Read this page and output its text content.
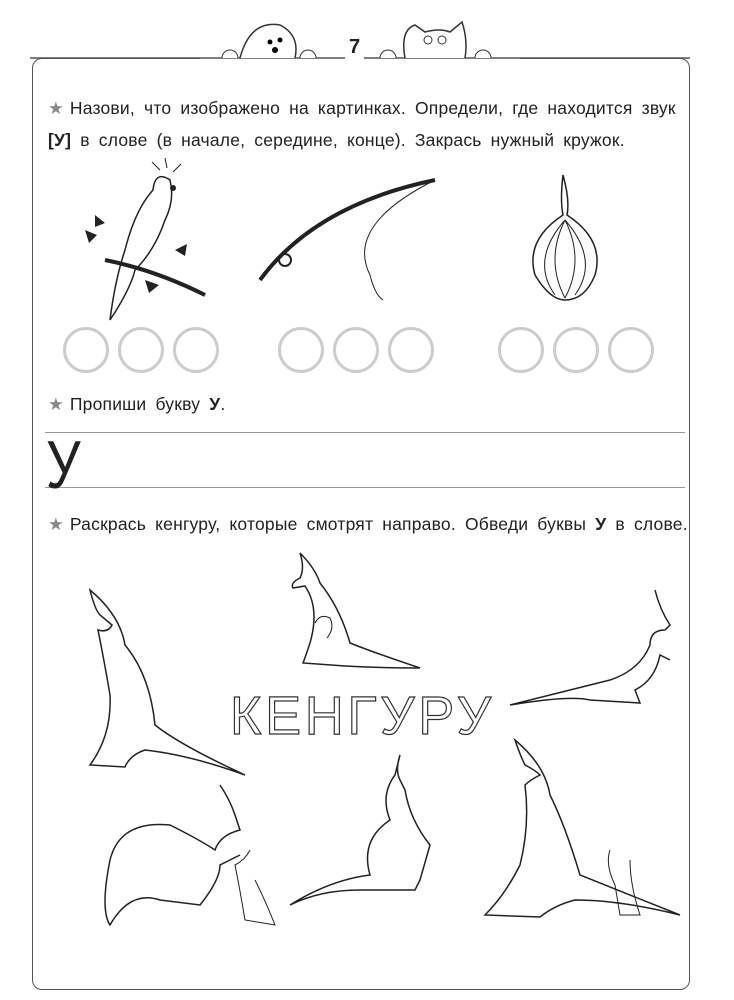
7
★ Назови, что изображено на картинках. Определи, где находится звук [У] в слове (в начале, середине, конце). Закрась нужный кружок.
★ Пропиши букву У.
У
★ Раскрась кенгуру, которые смотрят направо. Обведи буквы У в слове.
КЕНГУРУ
